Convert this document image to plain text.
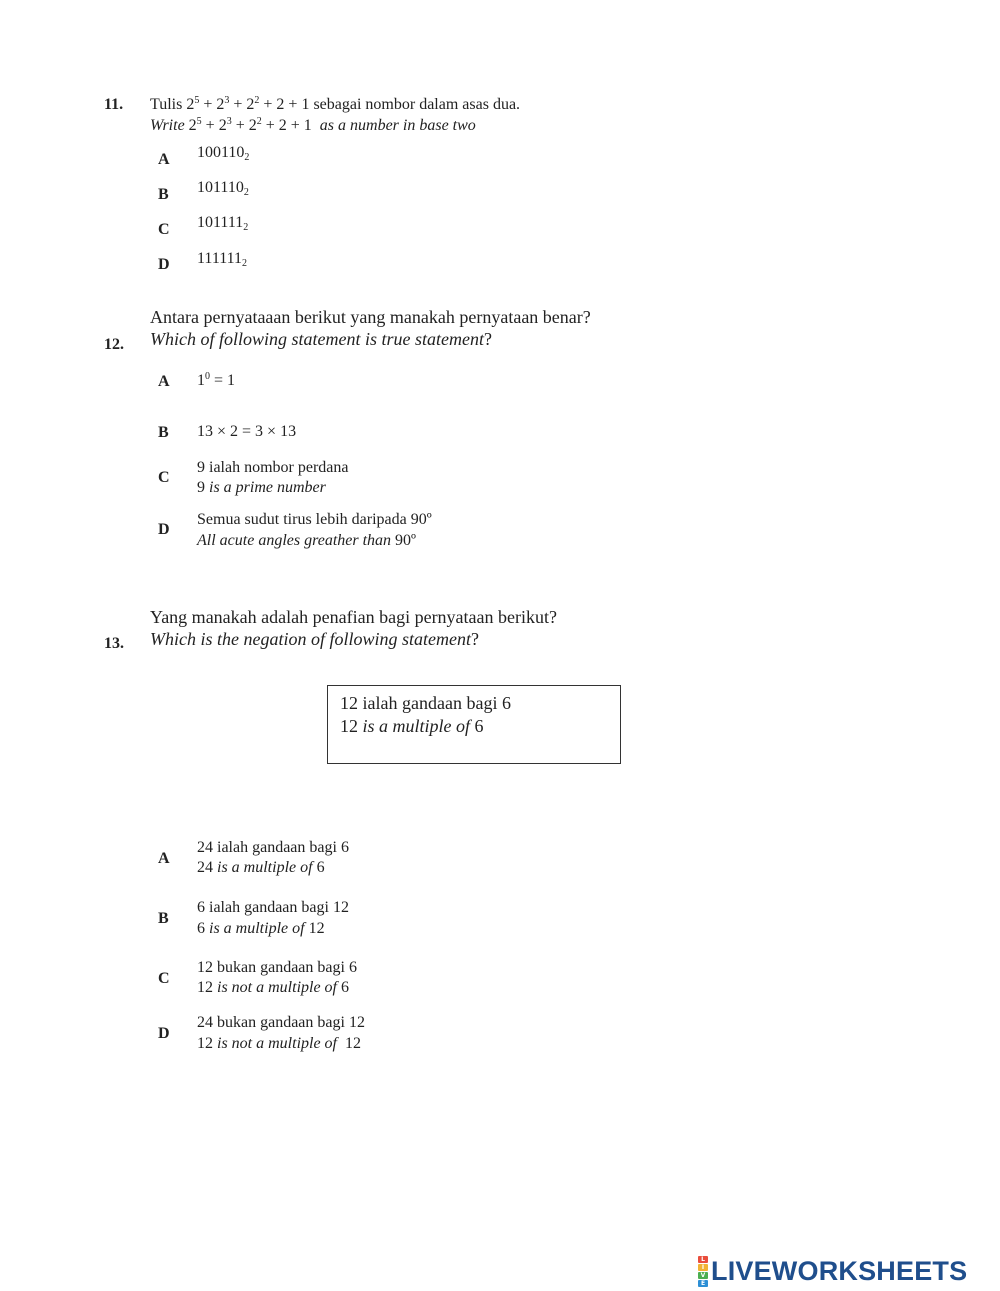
11. Tulis $2^5 + 2^3 + 2^2 + 2 + 1$ sebagai nombor dalam asas dua.
Write $2^5 + 2^3 + 2^2 + 2 + 1$ as a number in base two
A $100110_2$
B $101110_2$
C $101111_2$
D $111111_2$
Antara pernyataaan berikut yang manakah pernyataan benar?
12. Which of following statement is true statement?
A $1^0 = 1$
B 13 × 2 = 3 × 13
C
9 ialah nombor perdana
9 is a prime number
D
Semua sudut tirus lebih daripada 90º
All acute angles greather than 90º
Yang manakah adalah penafian bagi pernyataan berikut?
13. Which is the negation of following statement?
12 ialah gandaan bagi 6
12 is a multiple of 6
A
24 ialah gandaan bagi 6
24 is a multiple of 6
B
6 ialah gandaan bagi 12
6 is a multiple of 12
C
12 bukan gandaan bagi 6
12 is not a multiple of 6
D
24 bukan gandaan bagi 12
12 is not a multiple of  12
L
I
V
E LIVEWORKSHEETS
